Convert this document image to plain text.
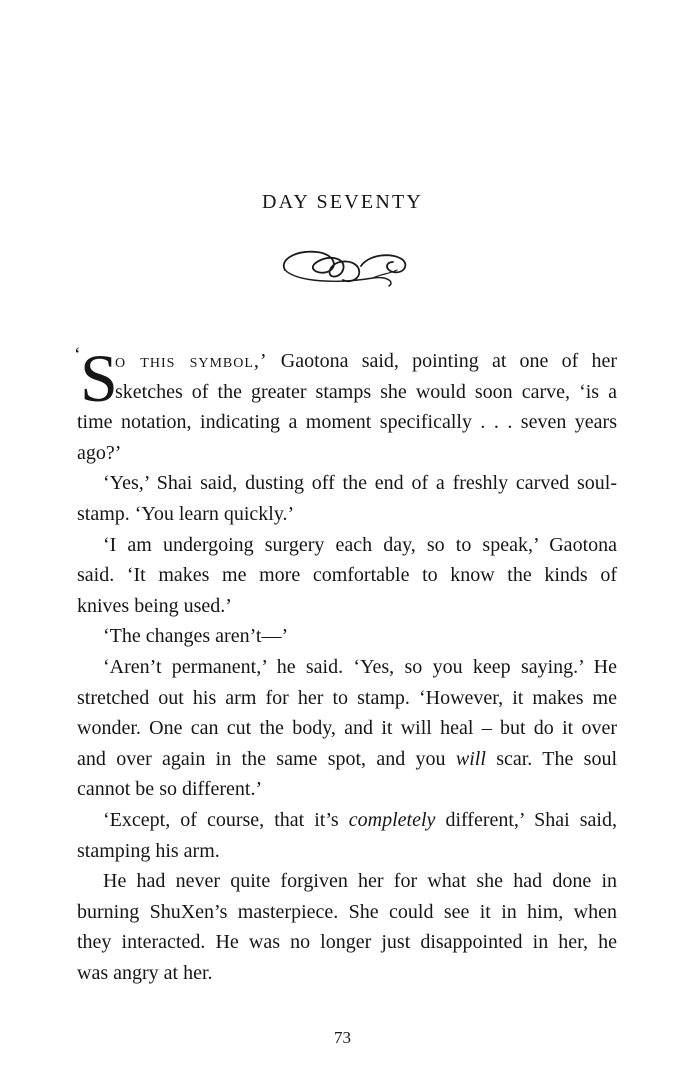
DAY SEVENTY
‘ S
o this symbol,’ Gaotona said, pointing at one of her
sketches of the greater stamps she would soon carve, ‘is a
time notation, indicating a moment specifically . . . seven years
ago?’
‘Yes,’ Shai said, dusting off the end of a freshly carved soul-
stamp. ‘You learn quickly.’
‘I am undergoing surgery each day, so to speak,’ Gaotona
said. ‘It makes me more comfortable to know the kinds of
knives being used.’
‘The changes aren’t—’
‘Aren’t permanent,’ he said. ‘Yes, so you keep saying.’ He
stretched out his arm for her to stamp. ‘However, it makes me
wonder. One can cut the body, and it will heal – but do it over
and over again in the same spot, and you will scar. The soul
cannot be so different.’
‘Except, of course, that it’s completely different,’ Shai said,
stamping his arm.
He had never quite forgiven her for what she had done in
burning ShuXen’s masterpiece. She could see it in him, when
they interacted. He was no longer just disappointed in her, he
was angry at her.
73
